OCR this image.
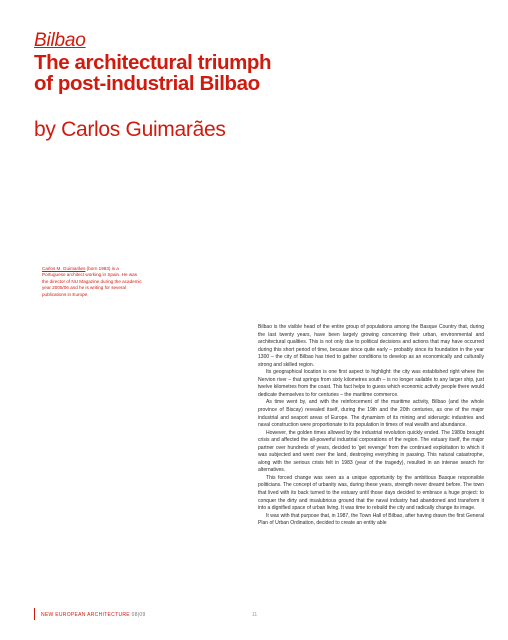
Bilbao
The architectural triumph
of post-industrial Bilbao
by Carlos Guimarães
Carlos M. Guimarães (born 1983) is a Portuguese architect working in Spain. He was the director of NU Magazine during the academic year 2005/06 and he is writing for several publications in Europe.

Bilbao is the visible head of the entire group of populations among the Basque Country that, during the last twenty years, have been largely growing concerning their urban, environmental and architectural qualities. This is not only due to political decisions and actions that may have occurred during this short period of time, because since quite early – probably since its foundation in the year 1300 – the city of Bilbao has tried to gather conditions to develop as an economically and culturally strong and skilled region.

Its geographical location is one first aspect to highlight: the city was established right where the Nervion river – that springs from sixty kilometres south – is no longer sailable to any larger ship, just twelve kilometres from the coast. This fact helps to guess which economic activity people there would dedicate themselves to for centuries – the maritime commerce.

As time went by, and with the reinforcement of the maritime activity, Bilbao (and the whole province of Biscay) revealed itself, during the 19th and the 20th centuries, as one of the major industrial and seaport areas of Europe. The dynamism of its mining and siderurgic industries and naval construction were proportionate to its population in times of real wealth and abundance.

However, the golden times allowed by the industrial revolution quickly ended. The 1980s brought crisis and affected the all-powerful industrial corporations of the region. The estuary itself, the major partner over hundreds of years, decided to 'get revenge' from the continued exploitation to which it was subjected and went over the land, destroying everything in passing. This natural catastrophe, along with the serious crisis felt in 1983 (year of the tragedy), resulted in an intense search for alternatives.

This forced change was seen as a unique opportunity by the ambitious Basque responsible politicians. The concept of urbanity was, during these years, strength never dreamt before. The town that lived with its back turned to the estuary until those days decided to embrace a huge project: to conquer the dirty and insalubrious ground that the naval industry had abandoned and transform it into a dignified space of urban living. It was time to rebuild the city and radically change its image.

It was with that purpose that, in 1987, the Town Hall of Bilbao, after having drawn the first General Plan of Urban Ordination, decided to create an entity able

NEW EUROPEAN ARCHITECTURE 08|09	11
